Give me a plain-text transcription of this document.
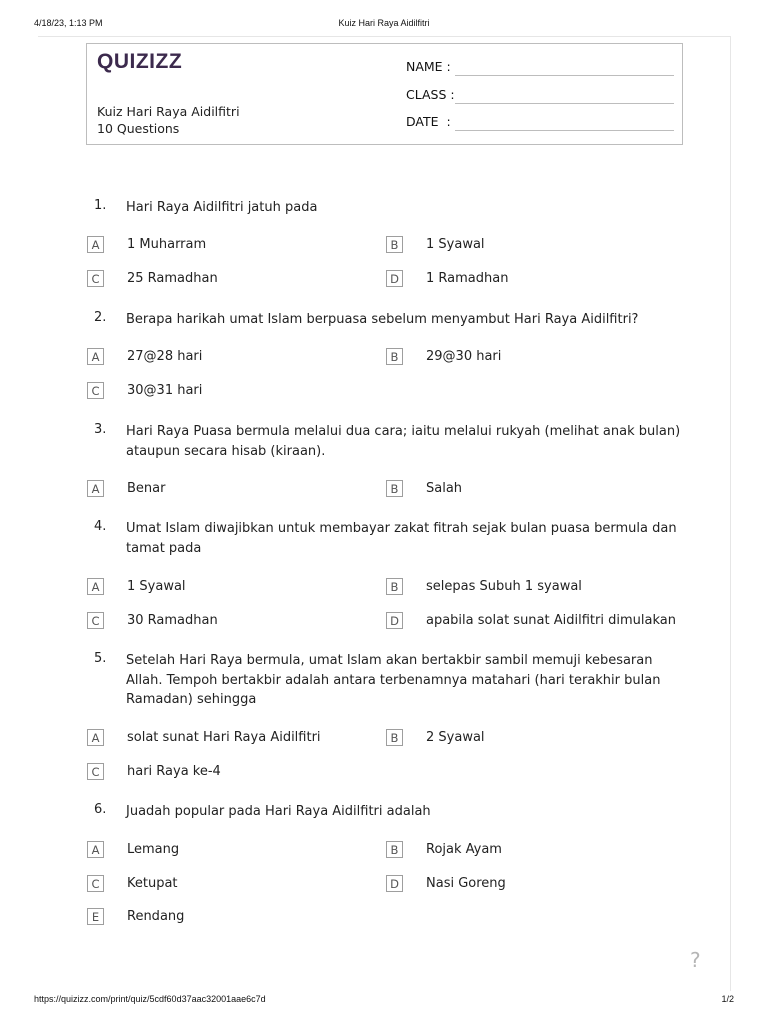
4/18/23, 1:13 PM	Kuiz Hari Raya Aidilfitri
QUIZIZZ
Kuiz Hari Raya Aidilfitri
10 Questions
NAME :
CLASS :
DATE  :
1. Hari Raya Aidilfitri jatuh pada
A	1 Muharram	B	1 Syawal
C	25 Ramadhan	D	1 Ramadhan
2. Berapa harikah umat Islam berpuasa sebelum menyambut Hari Raya Aidilfitri?
A	27@28 hari	B	29@30 hari
C	30@31 hari
3. Hari Raya Puasa bermula melalui dua cara; iaitu melalui rukyah (melihat anak bulan) ataupun secara hisab (kiraan).
A	Benar	B	Salah
4. Umat Islam diwajibkan untuk membayar zakat fitrah sejak bulan puasa bermula dan tamat pada
A	1 Syawal	B	selepas Subuh 1 syawal
C	30 Ramadhan	D	apabila solat sunat Aidilfitri dimulakan
5. Setelah Hari Raya bermula, umat Islam akan bertakbir sambil memuji kebesaran Allah. Tempoh bertakbir adalah antara terbenamnya matahari (hari terakhir bulan Ramadan) sehingga
A	solat sunat Hari Raya Aidilfitri	B	2 Syawal
C	hari Raya ke-4
6. Juadah popular pada Hari Raya Aidilfitri adalah
A	Lemang	B	Rojak Ayam
C	Ketupat	D	Nasi Goreng
E	Rendang
?
https://quizizz.com/print/quiz/5cdf60d37aac32001aae6c7d	1/2
